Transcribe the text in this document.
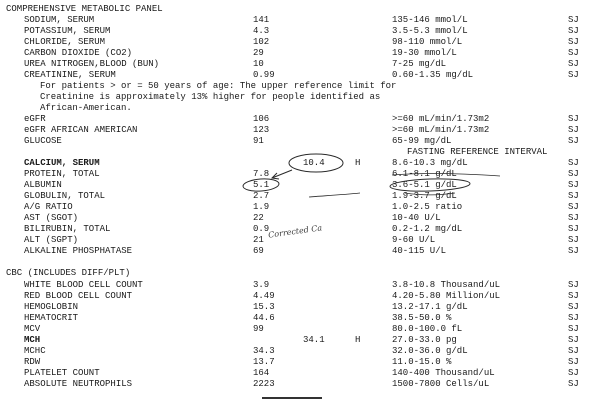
COMPREHENSIVE METABOLIC PANEL
SODIUM, SERUM	141	135-146 mmol/L	SJ
POTASSIUM, SERUM	4.3	3.5-5.3 mmol/L	SJ
CHLORIDE, SERUM	102	98-110 mmol/L	SJ
CARBON DIOXIDE (CO2)	29	19-30 mmol/L	SJ
UREA NITROGEN,BLOOD (BUN)	10	7-25 mg/dL	SJ
CREATININE, SERUM	0.99	0.60-1.35 mg/dL	SJ
For patients > or = 50 years of age: The upper reference limit for
Creatinine is approximately 13% higher for people identified as
African-American.
eGFR	106	>=60 mL/min/1.73m2	SJ
eGFR AFRICAN AMERICAN	123	>=60 mL/min/1.73m2	SJ
GLUCOSE	91	65-99 mg/dL	SJ
FASTING REFERENCE INTERVAL
CALCIUM, SERUM	10.4	H	8.6-10.3 mg/dL	SJ
PROTEIN, TOTAL	7.8	6.1-8.1 g/dL	SJ
ALBUMIN	5.1	3.6-5.1 g/dL	SJ
GLOBULIN, TOTAL	2.7	1.9-3.7 g/dL	SJ
A/G RATIO	1.9	1.0-2.5 ratio	SJ
AST (SGOT)	22	10-40 U/L	SJ
BILIRUBIN, TOTAL	0.9	0.2-1.2 mg/dL	SJ
ALT (SGPT)	21	9-60 U/L	SJ
ALKALINE PHOSPHATASE	69	40-115 U/L	SJ
CBC (INCLUDES DIFF/PLT)
WHITE BLOOD CELL COUNT	3.9	3.8-10.8 Thousand/uL	SJ
RED BLOOD CELL COUNT	4.49	4.20-5.80 Million/uL	SJ
HEMOGLOBIN	15.3	13.2-17.1 g/dL	SJ
HEMATOCRIT	44.6	38.5-50.0 %	SJ
MCV	99	80.0-100.0 fL	SJ
MCH	34.1	H	27.0-33.0 pg	SJ
MCHC	34.3	32.0-36.0 g/dL	SJ
RDW	13.7	11.0-15.0 %	SJ
PLATELET COUNT	164	140-400 Thousand/uL	SJ
ABSOLUTE NEUTROPHILS	2223	1500-7800 Cells/uL	SJ
Corrected Ca
